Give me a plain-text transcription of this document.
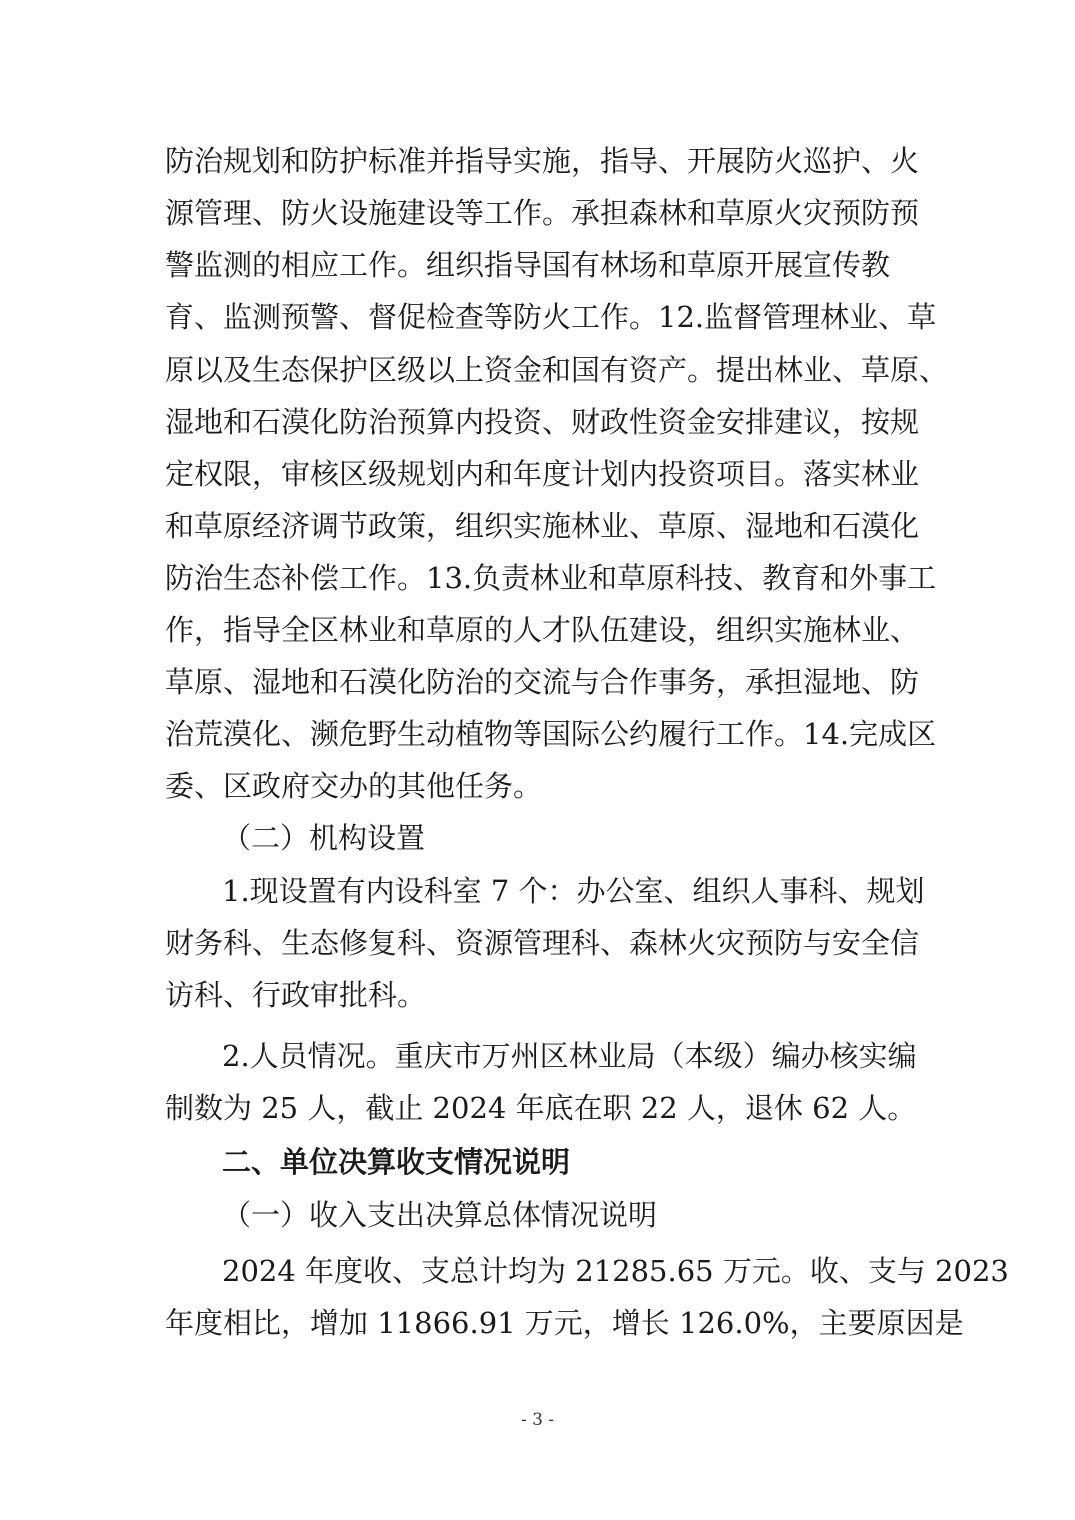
防治规划和防护标准并指导实施，指导、开展防火巡护、火
源管理、防火设施建设等工作。承担森林和草原火灾预防预
警监测的相应工作。组织指导国有林场和草原开展宣传教
育、监测预警、督促检查等防火工作。12.监督管理林业、草
原以及生态保护区级以上资金和国有资产。提出林业、草原、
湿地和石漠化防治预算内投资、财政性资金安排建议，按规
定权限，审核区级规划内和年度计划内投资项目。落实林业
和草原经济调节政策，组织实施林业、草原、湿地和石漠化
防治生态补偿工作。13.负责林业和草原科技、教育和外事工
作，指导全区林业和草原的人才队伍建设，组织实施林业、
草原、湿地和石漠化防治的交流与合作事务，承担湿地、防
治荒漠化、濒危野生动植物等国际公约履行工作。14.完成区
委、区政府交办的其他任务。
（二）机构设置
1.现设置有内设科室 7 个：办公室、组织人事科、规划
财务科、生态修复科、资源管理科、森林火灾预防与安全信
访科、行政审批科。
2.人员情况。重庆市万州区林业局（本级）编办核实编
制数为 25 人，截止 2024 年底在职 22 人，退休 62 人。
二、单位决算收支情况说明
（一）收入支出决算总体情况说明
2024 年度收、支总计均为 21285.65 万元。收、支与 2023
年度相比，增加 11866.91 万元，增长 126.0%，主要原因是
- 3 -
